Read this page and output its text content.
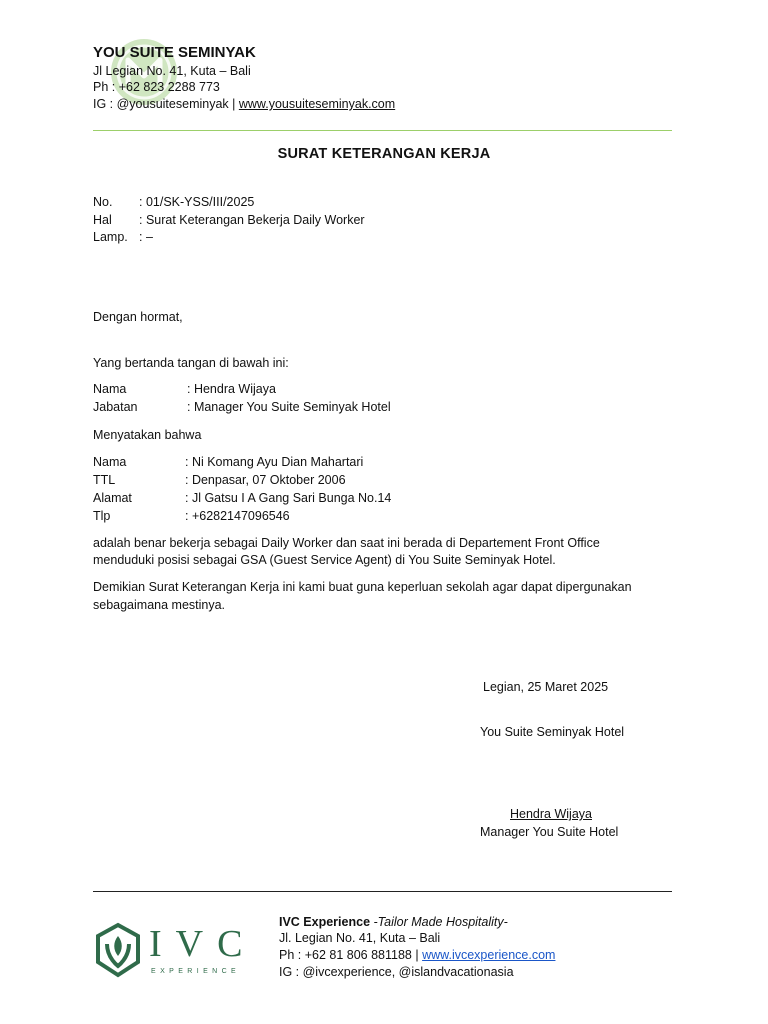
YOU SUITE SEMINYAK
Jl Legian No. 41, Kuta – Bali
Ph : +62 823 2288 773
IG : @yousuiteseminyak | www.yousuiteseminyak.com
SURAT KETERANGAN KERJA
No. : 01/SK-YSS/III/2025
Hal : Surat Keterangan Bekerja Daily Worker
Lamp. : –
Dengan hormat,
Yang bertanda tangan di bawah ini:
Nama	: Hendra Wijaya
Jabatan	: Manager You Suite Seminyak Hotel
Menyatakan bahwa
Nama	: Ni Komang Ayu Dian Mahartari
TTL	: Denpasar, 07 Oktober 2006
Alamat	: Jl Gatsu I A Gang Sari Bunga No.14
Tlp	: +6282147096546
adalah benar bekerja sebagai Daily Worker dan saat ini berada di Departement Front Office
menduduki posisi sebagai GSA (Guest Service Agent) di You Suite Seminyak Hotel.
Demikian Surat Keterangan Kerja ini kami buat guna keperluan sekolah agar dapat dipergunakan
sebagaimana mestinya.
Legian, 25 Maret 2025
You Suite Seminyak Hotel
Hendra Wijaya
Manager You Suite Hotel
IVC
EXPERIENCE
IVC Experience -Tailor Made Hospitality-
Jl. Legian No. 41, Kuta – Bali
Ph : +62 81 806 881188 | www.ivcexperience.com
IG : @ivcexperience, @islandvacationasia
